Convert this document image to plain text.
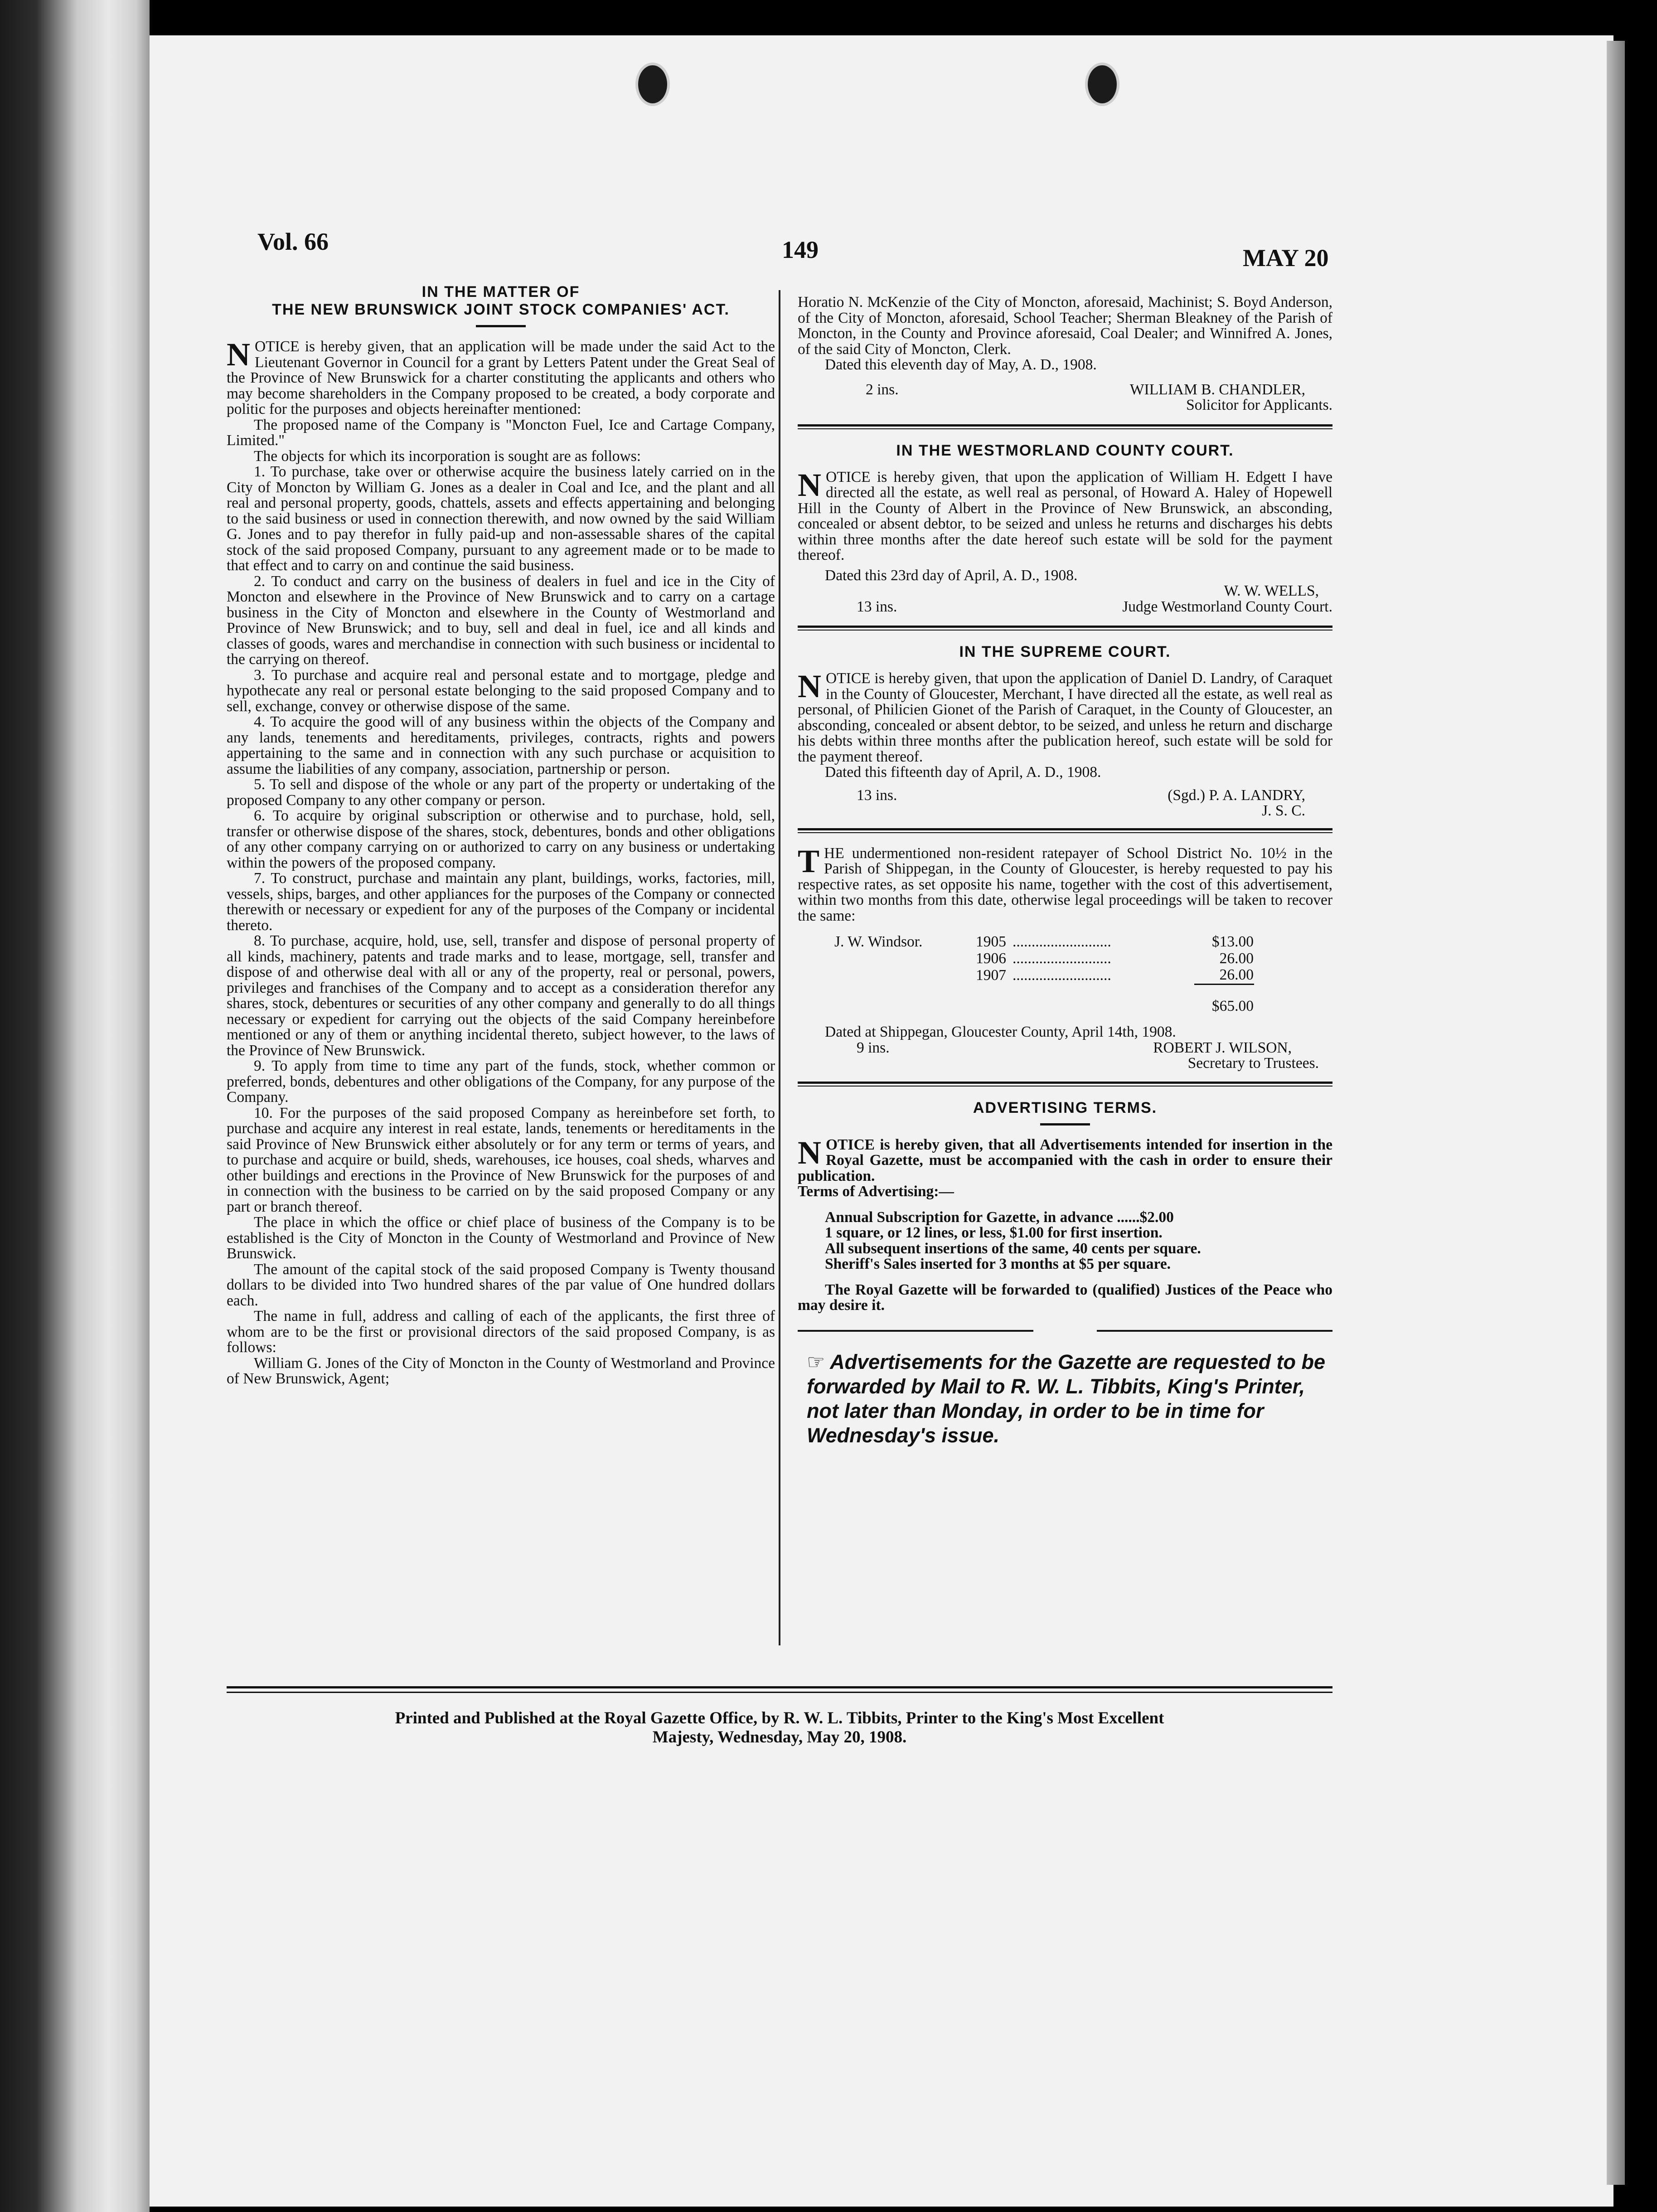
Vol. 66	149	MAY 20
IN THE MATTER OF
THE NEW BRUNSWICK JOINT STOCK COMPANIES' ACT.

NOTICE is hereby given, that an application will be made under the said Act to the Lieutenant Governor in Council for a grant by Letters Patent under the Great Seal of the Province of New Brunswick for a charter constituting the applicants and others who may become shareholders in the Company proposed to be created, a body corporate and politic for the purposes and objects hereinafter mentioned:

The proposed name of the Company is "Moncton Fuel, Ice and Cartage Company, Limited."

The objects for which its incorporation is sought are as follows:

1. To purchase, take over or otherwise acquire the business lately carried on in the City of Moncton by William G. Jones as a dealer in Coal and Ice, and the plant and all real and personal property, goods, chattels, assets and effects appertaining and belonging to the said business or used in connection therewith, and now owned by the said William G. Jones and to pay therefor in fully paid-up and non-assessable shares of the capital stock of the said proposed Company, pursuant to any agreement made or to be made to that effect and to carry on and continue the said business.

2. To conduct and carry on the business of dealers in fuel and ice in the City of Moncton and elsewhere in the Province of New Brunswick and to carry on a cartage business in the City of Moncton and elsewhere in the County of Westmorland and Province of New Brunswick; and to buy, sell and deal in fuel, ice and all kinds and classes of goods, wares and merchandise in connection with such business or incidental to the carrying on thereof.

3. To purchase and acquire real and personal estate and to mortgage, pledge and hypothecate any real or personal estate belonging to the said proposed Company and to sell, exchange, convey or otherwise dispose of the same.

4. To acquire the good will of any business within the objects of the Company and any lands, tenements and hereditaments, privileges, contracts, rights and powers appertaining to the same and in connection with any such purchase or acquisition to assume the liabilities of any company, association, partnership or person.

5. To sell and dispose of the whole or any part of the property or undertaking of the proposed Company to any other company or person.

6. To acquire by original subscription or otherwise and to purchase, hold, sell, transfer or otherwise dispose of the shares, stock, debentures, bonds and other obligations of any other company carrying on or authorized to carry on any business or undertaking within the powers of the proposed company.

7. To construct, purchase and maintain any plant, buildings, works, factories, mill, vessels, ships, barges, and other appliances for the purposes of the Company or connected therewith or necessary or expedient for any of the purposes of the Company or incidental thereto.

8. To purchase, acquire, hold, use, sell, transfer and dispose of personal property of all kinds, machinery, patents and trade marks and to lease, mortgage, sell, transfer and dispose of and otherwise deal with all or any of the property, real or personal, powers, privileges and franchises of the Company and to accept as a consideration therefor any shares, stock, debentures or securities of any other company and generally to do all things necessary or expedient for carrying out the objects of the said Company hereinbefore mentioned or any of them or anything incidental thereto, subject however, to the laws of the Province of New Brunswick.

9. To apply from time to time any part of the funds, stock, whether common or preferred, bonds, debentures and other obligations of the Company, for any purpose of the Company.

10. For the purposes of the said proposed Company as hereinbefore set forth, to purchase and acquire any interest in real estate, lands, tenements or hereditaments in the said Province of New Brunswick either absolutely or for any term or terms of years, and to purchase and acquire or build, sheds, warehouses, ice houses, coal sheds, wharves and other buildings and erections in the Province of New Brunswick for the purposes of and in connection with the business to be carried on by the said proposed Company or any part or branch thereof.

The place in which the office or chief place of business of the Company is to be established is the City of Moncton in the County of Westmorland and Province of New Brunswick.

The amount of the capital stock of the said proposed Company is Twenty thousand dollars to be divided into Two hundred shares of the par value of One hundred dollars each.

The name in full, address and calling of each of the applicants, the first three of whom are to be the first or provisional directors of the said proposed Company, is as follows:

William G. Jones of the City of Moncton in the County of Westmorland and Province of New Brunswick, Agent;

Horatio N. McKenzie of the City of Moncton, aforesaid, Machinist; S. Boyd Anderson, of the City of Moncton, aforesaid, School Teacher; Sherman Bleakney of the Parish of Moncton, in the County and Province aforesaid, Coal Dealer; and Winnifred A. Jones, of the said City of Moncton, Clerk.

Dated this eleventh day of May, A. D., 1908.

2 ins.	WILLIAM B. CHANDLER,
Solicitor for Applicants.
IN THE WESTMORLAND COUNTY COURT.

NOTICE is hereby given, that upon the application of William H. Edgett I have directed all the estate, as well real as personal, of Howard A. Haley of Hopewell Hill in the County of Albert in the Province of New Brunswick, an absconding, concealed or absent debtor, to be seized and unless he returns and discharges his debts within three months after the date hereof such estate will be sold for the payment thereof.

Dated this 23rd day of April, A. D., 1908.

W. W. WELLS,
13 ins.	Judge Westmorland County Court.
IN THE SUPREME COURT.

NOTICE is hereby given, that upon the application of Daniel D. Landry, of Caraquet in the County of Gloucester, Merchant, I have directed all the estate, as well real as personal, of Philicien Gionet of the Parish of Caraquet, in the County of Gloucester, an absconding, concealed or absent debtor, to be seized, and unless he return and discharge his debts within three months after the publication hereof, such estate will be sold for the payment thereof.

Dated this fifteenth day of April, A. D., 1908.

13 ins.	(Sgd.) P. A. LANDRY,
J. S. C.

THE undermentioned non-resident ratepayer of School District No. 10½ in the Parish of Shippegan, in the County of Gloucester, is hereby requested to pay his respective rates, as set opposite his name, together with the cost of this advertisement, within two months from this date, otherwise legal proceedings will be taken to recover the same:

J. W. Windsor.	1905	..........................	$13.00
	1906	..........................	26.00
	1907	..........................	26.00
			$65.00

Dated at Shippegan, Gloucester County, April 14th, 1908.

9 ins.	ROBERT J. WILSON,
Secretary to Trustees.
ADVERTISING TERMS.

NOTICE is hereby given, that all Advertisements intended for insertion in the Royal Gazette, must be accompanied with the cash in order to ensure their publication.

Terms of Advertising:—

Annual Subscription for Gazette, in advance ......$2.00

1 square, or 12 lines, or less, $1.00 for first insertion.

All subsequent insertions of the same, 40 cents per square.

Sheriff's Sales inserted for 3 months at $5 per square.

The Royal Gazette will be forwarded to (qualified) Justices of the Peace who may desire it.

☞ Advertisements for the Gazette are requested to be forwarded by Mail to R. W. L. Tibbits, King's Printer, not later than Monday, in order to be in time for Wednesday's issue.
Printed and Published at the Royal Gazette Office, by R. W. L. Tibbits, Printer to the King's Most Excellent
Majesty, Wednesday, May 20, 1908.
